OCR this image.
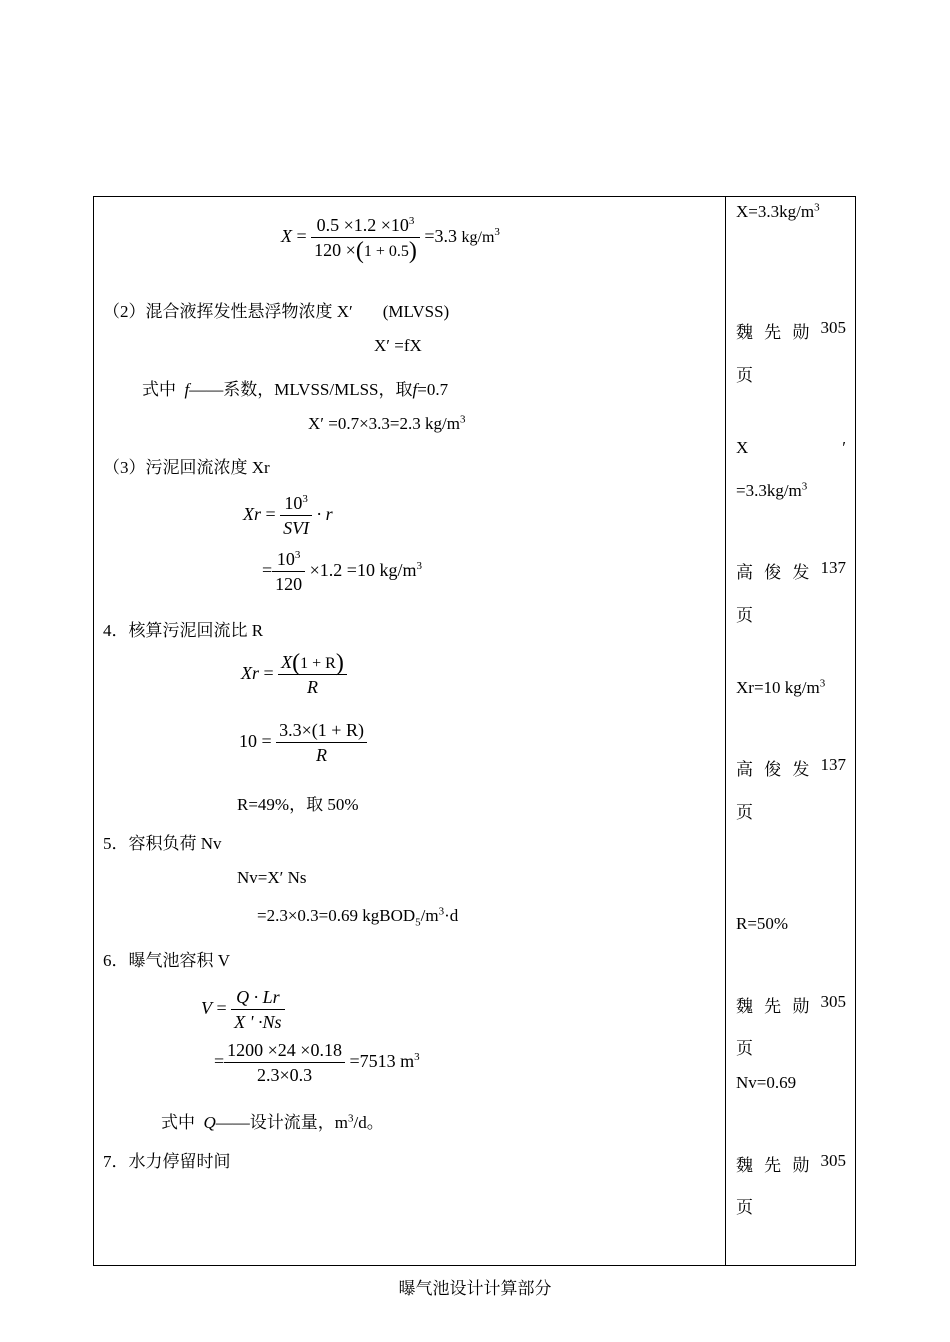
$X = \frac{0.5 \times 1.2 \times 10^3}{120 \times(1 + 0.5)} =3.3$ $kg/m^3$
（2）混合液挥发性悬浮物浓度 X′ (MLVSS)
X′ =fX
式中 f——系数，MLVSS/MLSS，取f=0.7
X′ =0.7×3.3=2.3 $kg/m^3$
（3）污泥回流浓度 Xr
$Xr = \frac{10^3}{\text{SVI}} \cdot r$
= $\frac{10^3}{120} \times 1.2 =10$ $kg/m^3$
4．核算污泥回流比 R
$Xr = \frac{X(1 + R)}{R}$
$10 = \frac{3.3\times(1 + R)}{R}$
R=49%，取 50%
5．容积负荷 Nv
Nv=X′ Ns
=2.3×0.3=0.69 $kgBOD_5/m^3\cdot d$
6．曝气池容积 V
$V = \frac{Q \cdot Lr}{X ' \cdot Ns}$
= $\frac{1200 \times 24 \times 0.18}{2.3\times 0.3} =7513$ $m^3$
式中 Q——设计流量，$m^3/d$。
7．水力停留时间
$X=3.3kg/m^3$
魏 先 勋 305
页
X	′
$=3.3kg/m^3$
高 俊 发 137
页
Xr=10 $kg/m^3$
高 俊 发 137
页
R=50%
魏 先 勋 305
页
Nv=0.69
魏 先 勋 305
页
曝气池设计计算部分
